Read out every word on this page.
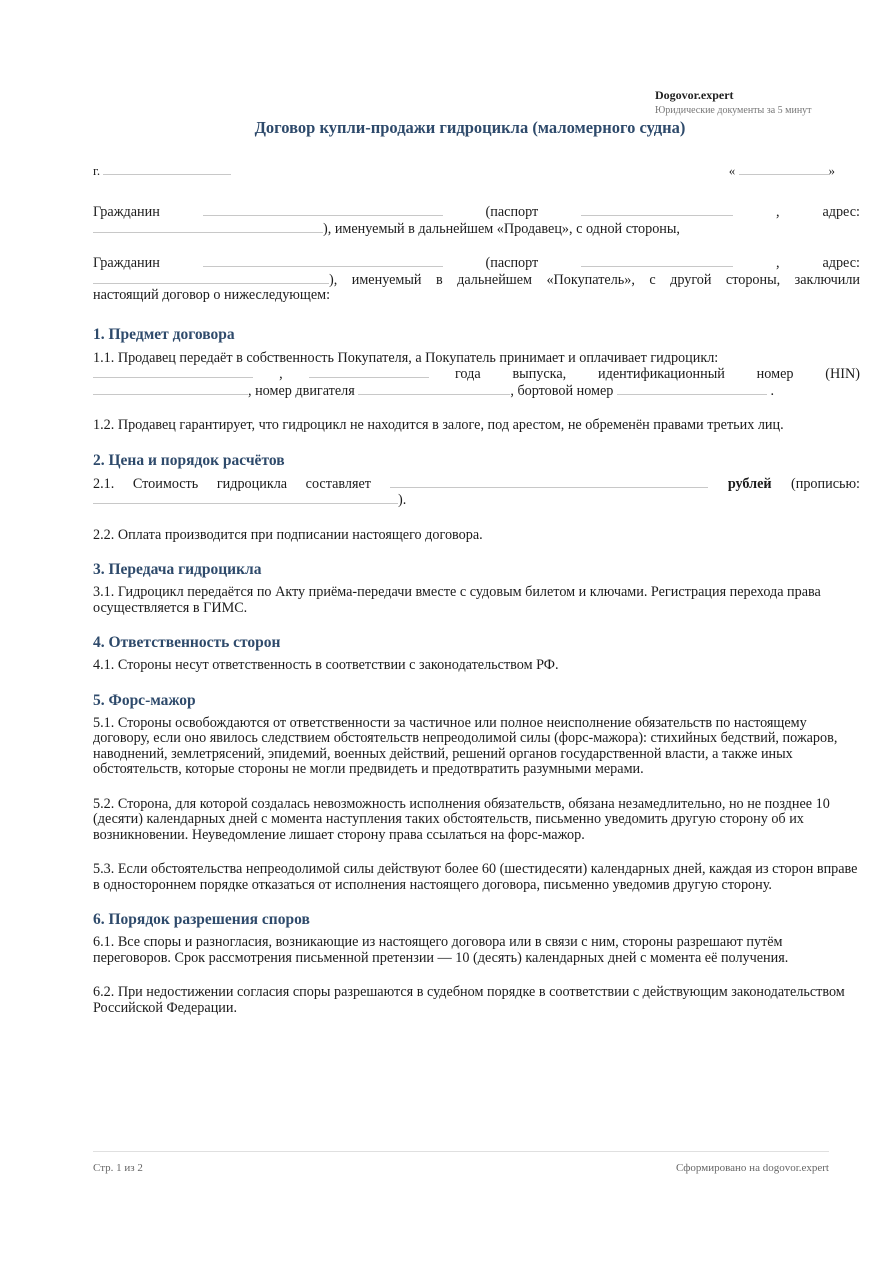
Dogovor.expert
Юридические документы за 5 минут
Договор купли-продажи гидроцикла (маломерного судна)
г.	«	»
Гражданин	(паспорт	,	адрес:
), именуемый в дальнейшем «Продавец», с одной стороны,
Гражданин	(паспорт	,	адрес:
), именуемый в дальнейшем «Покупатель», с другой стороны, заключили
настоящий договор о нижеследующем:
1. Предмет договора
1.1. Продавец передаёт в собственность Покупателя, а Покупатель принимает и оплачивает гидроцикл:
,	года выпуска, идентификационный номер (HIN)
, номер двигателя	, бортовой номер	.
1.2. Продавец гарантирует, что гидроцикл не находится в залоге, под арестом, не обременён правами третьих лиц.
2. Цена и порядок расчётов
2.1. Стоимость гидроцикла составляет	рублей (прописью:
).
2.2. Оплата производится при подписании настоящего договора.
3. Передача гидроцикла
3.1. Гидроцикл передаётся по Акту приёма-передачи вместе с судовым билетом и ключами. Регистрация перехода права осуществляется в ГИМС.
4. Ответственность сторон
4.1. Стороны несут ответственность в соответствии с законодательством РФ.
5. Форс-мажор
5.1. Стороны освобождаются от ответственности за частичное или полное неисполнение обязательств по настоящему договору, если оно явилось следствием обстоятельств непреодолимой силы (форс-мажора): стихийных бедствий, пожаров, наводнений, землетрясений, эпидемий, военных действий, решений органов государственной власти, а также иных обстоятельств, которые стороны не могли предвидеть и предотвратить разумными мерами.
5.2. Сторона, для которой создалась невозможность исполнения обязательств, обязана незамедлительно, но не позднее 10 (десяти) календарных дней с момента наступления таких обстоятельств, письменно уведомить другую сторону об их возникновении. Неуведомление лишает сторону права ссылаться на форс-мажор.
5.3. Если обстоятельства непреодолимой силы действуют более 60 (шестидесяти) календарных дней, каждая из сторон вправе в одностороннем порядке отказаться от исполнения настоящего договора, письменно уведомив другую сторону.
6. Порядок разрешения споров
6.1. Все споры и разногласия, возникающие из настоящего договора или в связи с ним, стороны разрешают путём переговоров. Срок рассмотрения письменной претензии — 10 (десять) календарных дней с момента её получения.
6.2. При недостижении согласия споры разрешаются в судебном порядке в соответствии с действующим законодательством Российской Федерации.
Стр. 1 из 2	Сформировано на dogovor.expert
